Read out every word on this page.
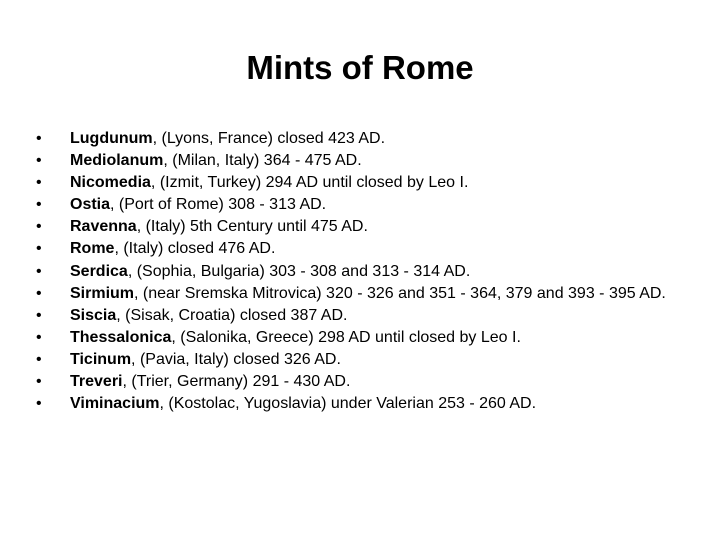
Mints of Rome
•	Lugdunum, (Lyons, France) closed 423 AD.
•	Mediolanum, (Milan, Italy) 364 - 475 AD.
•	Nicomedia, (Izmit, Turkey) 294 AD until closed by Leo I.
•	Ostia, (Port of Rome) 308 - 313 AD.
•	Ravenna, (Italy) 5th Century until 475 AD.
•	Rome, (Italy) closed 476 AD.
•	Serdica, (Sophia, Bulgaria) 303 - 308 and 313 - 314 AD.
•	Sirmium, (near Sremska Mitrovica) 320 - 326 and 351 - 364, 379 and 393 - 395 AD.
•	Siscia, (Sisak, Croatia) closed 387 AD.
•	Thessalonica, (Salonika, Greece) 298 AD until closed by Leo I.
•	Ticinum, (Pavia, Italy) closed 326 AD.
•	Treveri, (Trier, Germany) 291 - 430 AD.
•	Viminacium, (Kostolac, Yugoslavia) under Valerian 253 - 260 AD.
